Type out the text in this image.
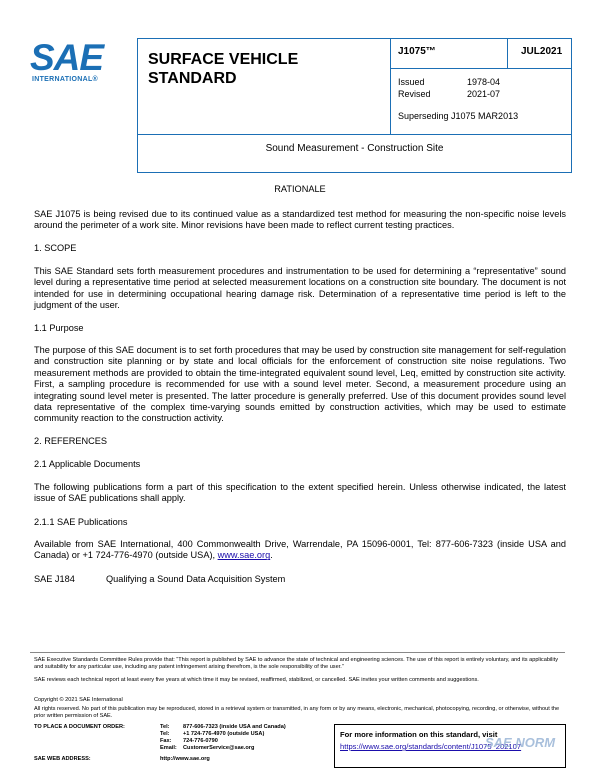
SAE
INTERNATIONAL®
SURFACE VEHICLE STANDARD
J1075™	JUL2021
Issued	1978-04
Revised	2021-07
Superseding J1075 MAR2013
Sound Measurement - Construction Site
RATIONALE
SAE J1075 is being revised due to its continued value as a standardized test method for measuring the non-specific noise levels around the perimeter of a work site. Minor revisions have been made to reflect current testing practices.
1. SCOPE
This SAE Standard sets forth measurement procedures and instrumentation to be used for determining a “representative” sound level during a representative time period at selected measurement locations on a construction site boundary. The document is not intended for use in determining occupational hearing damage risk. Determination of a representative time period is left to the judgment of the user.
1.1 Purpose
The purpose of this SAE document is to set forth procedures that may be used by construction site management for self-regulation and construction site planning or by state and local officials for the enforcement of construction site noise regulations. Two measurement methods are provided to obtain the time-integrated equivalent sound level, Leq, emitted by construction site activity. First, a sampling procedure is recommended for use with a sound level meter. Second, a measurement procedure using an integrating sound level meter is presented. The latter procedure is generally preferred. Use of this document provides sound level data representative of the complex time-varying sounds emitted by construction activities, which may be used to estimate community reaction to the construction activity.
2. REFERENCES
2.1 Applicable Documents
The following publications form a part of this specification to the extent specified herein. Unless otherwise indicated, the latest issue of SAE publications shall apply.
2.1.1 SAE Publications
Available from SAE International, 400 Commonwealth Drive, Warrendale, PA 15096-0001, Tel: 877-606-7323 (inside USA and Canada) or +1 724-776-4970 (outside USA), www.sae.org.
SAE J184	Qualifying a Sound Data Acquisition System
SAE Executive Standards Committee Rules provide that: “This report is published by SAE to advance the state of technical and engineering sciences. The use of this report is entirely voluntary, and its applicability and suitability for any particular use, including any patent infringement arising therefrom, is the sole responsibility of the user.”
SAE reviews each technical report at least every five years at which time it may be revised, reaffirmed, stabilized, or cancelled. SAE invites your written comments and suggestions.
Copyright © 2021 SAE International
All rights reserved. No part of this publication may be reproduced, stored in a retrieval system or transmitted, in any form or by any means, electronic, mechanical, photocopying, recording, or otherwise, without the prior written permission of SAE.
TO PLACE A DOCUMENT ORDER:	Tel: 877-606-7323 (inside USA and Canada)
Tel: +1 724-776-4970 (outside USA)
Fax: 724-776-0790
Email: CustomerService@sae.org
SAE WEB ADDRESS:	http://www.sae.org
For more information on this standard, visit
https://www.sae.org/standards/content/J1075_202107
SAE NORM
